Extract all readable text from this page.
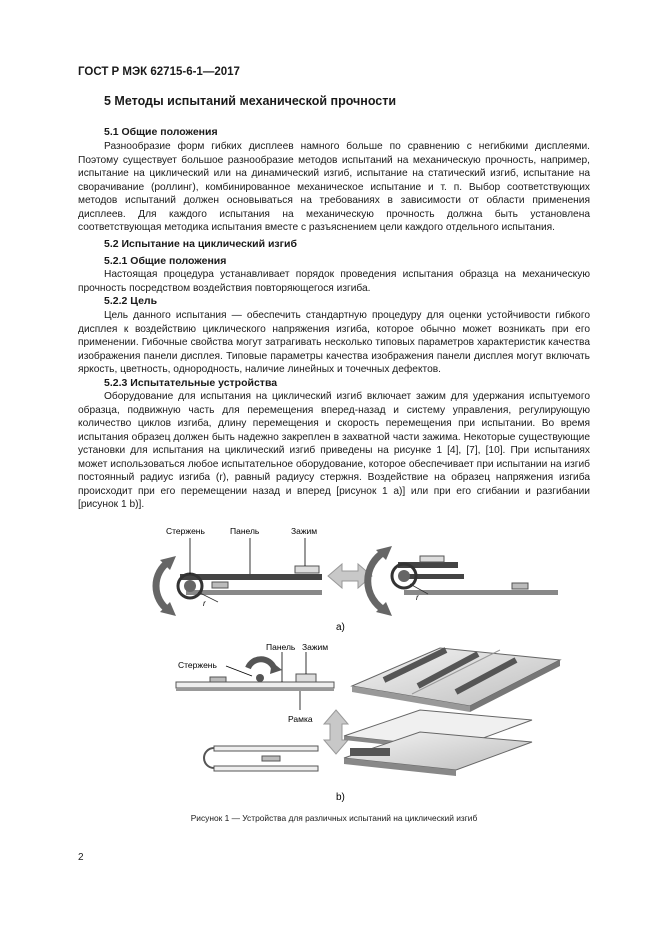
ГОСТ Р МЭК 62715-6-1—2017
5 Методы испытаний механической прочности
5.1 Общие положения

Разнообразие форм гибких дисплеев намного больше по сравнению с негибкими дисплеями. Поэтому существует большое разнообразие методов испытаний на механическую прочность, например, испытание на циклический или на динамический изгиб, испытание на статический изгиб, испытание на сворачивание (роллинг), комбинированное механическое испытание и т. п. Выбор соответствующих методов испытаний должен основываться на требованиях в зависимости от области применения дисплеев. Для каждого испытания на механическую прочность должна быть установлена соответствующая методика испытания вместе с разъяснением цели каждого отдельного испытания.

5.2 Испытание на циклический изгиб
5.2.1 Общие положения

Настоящая процедура устанавливает порядок проведения испытания образца на механическую прочность посредством воздействия повторяющегося изгиба.

5.2.2 Цель

Цель данного испытания — обеспечить стандартную процедуру для оценки устойчивости гибкого дисплея к воздействию циклического напряжения изгиба, которое обычно может возникать при его применении. Гибочные свойства могут затрагивать несколько типовых параметров характеристик качества изображения панели дисплея. Типовые параметры качества изображения панели дисплея могут включать яркость, цветность, однородность, наличие линейных и точечных дефектов.

5.2.3 Испытательные устройства

Оборудование для испытания на циклический изгиб включает зажим для удержания испытуемого образца, подвижную часть для перемещения вперед-назад и систему управления, регулирующую количество циклов изгиба, длину перемещения и скорость перемещения при испытании. Во время испытания образец должен быть надежно закреплен в захватной части зажима. Некоторые существующие установки для испытания на циклический изгиб приведены на рисунке 1 [4], [7], [10]. При испытаниях может использоваться любое испытательное оборудование, которое обеспечивает при испытании на изгиб постоянный радиус изгиба (r), равный радиусу стержня. Воздействие на образец напряжения изгиба происходит при его перемещении назад и вперед [рисунок 1 a)] или при его сгибании и разгибании [рисунок 1 b)].

r
Стержень	Панель	Зажим
r
a)
Стержень
Панель Зажим
Рамка
b)
Рисунок 1 — Устройства для различных испытаний на циклический изгиб
2
